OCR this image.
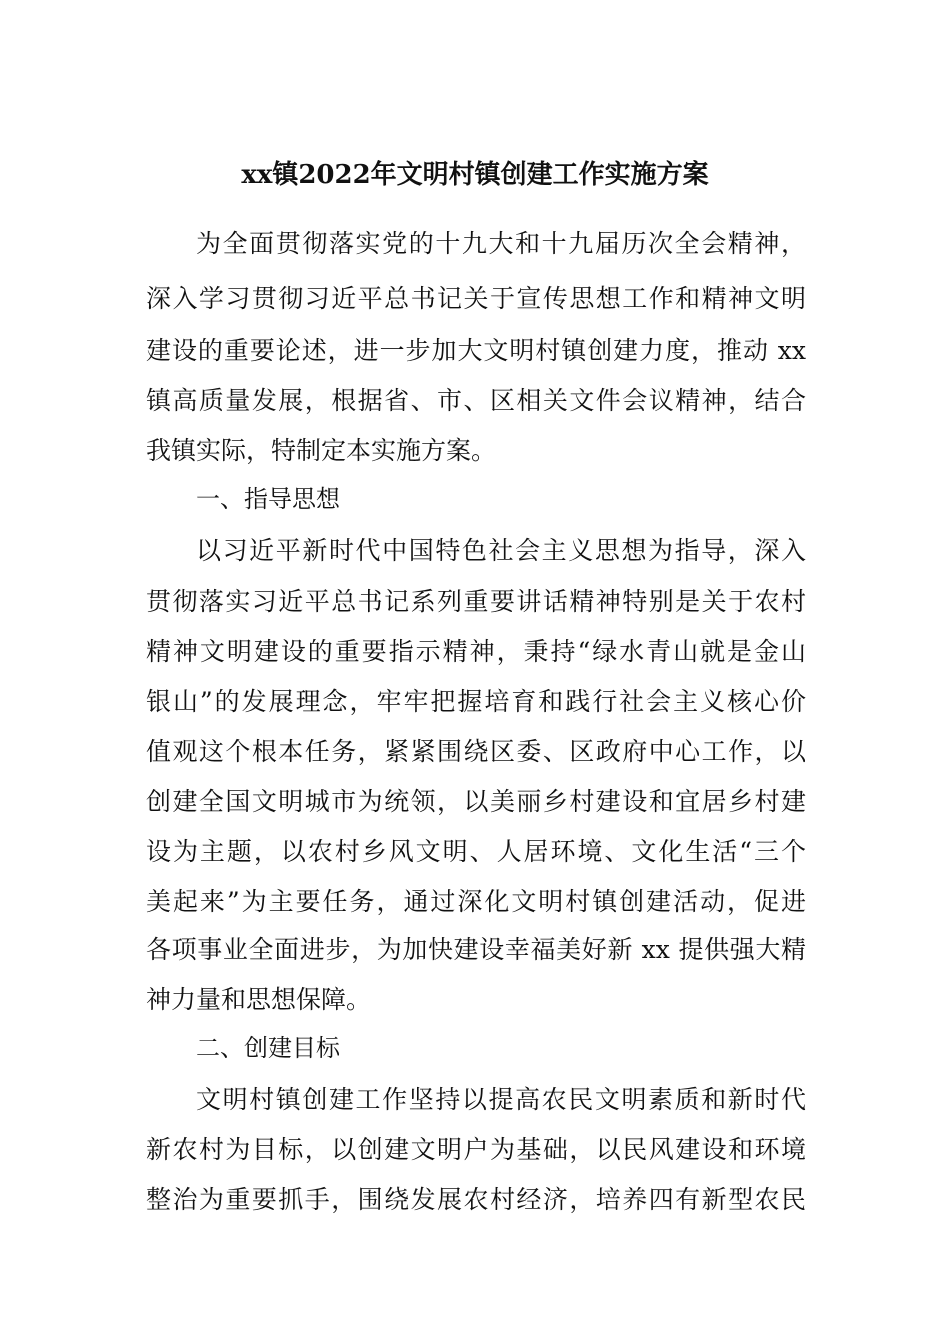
xx镇2022年文明村镇创建工作实施方案
为全面贯彻落实党的十九大和十九届历次全会精神，
深入学习贯彻习近平总书记关于宣传思想工作和精神文明
建设的重要论述，进一步加大文明村镇创建力度，推动 xx
镇高质量发展，根据省、市、区相关文件会议精神，结合
我镇实际，特制定本实施方案。
一、指导思想
以习近平新时代中国特色社会主义思想为指导，深入
贯彻落实习近平总书记系列重要讲话精神特别是关于农村
精神文明建设的重要指示精神，秉持“绿水青山就是金山
银山”的发展理念，牢牢把握培育和践行社会主义核心价
值观这个根本任务，紧紧围绕区委、区政府中心工作，以
创建全国文明城市为统领，以美丽乡村建设和宜居乡村建
设为主题，以农村乡风文明、人居环境、文化生活“三个
美起来”为主要任务，通过深化文明村镇创建活动，促进
各项事业全面进步，为加快建设幸福美好新 xx 提供强大精
神力量和思想保障。
二、创建目标
文明村镇创建工作坚持以提高农民文明素质和新时代
新农村为目标，以创建文明户为基础，以民风建设和环境
整治为重要抓手，围绕发展农村经济，培养四有新型农民
